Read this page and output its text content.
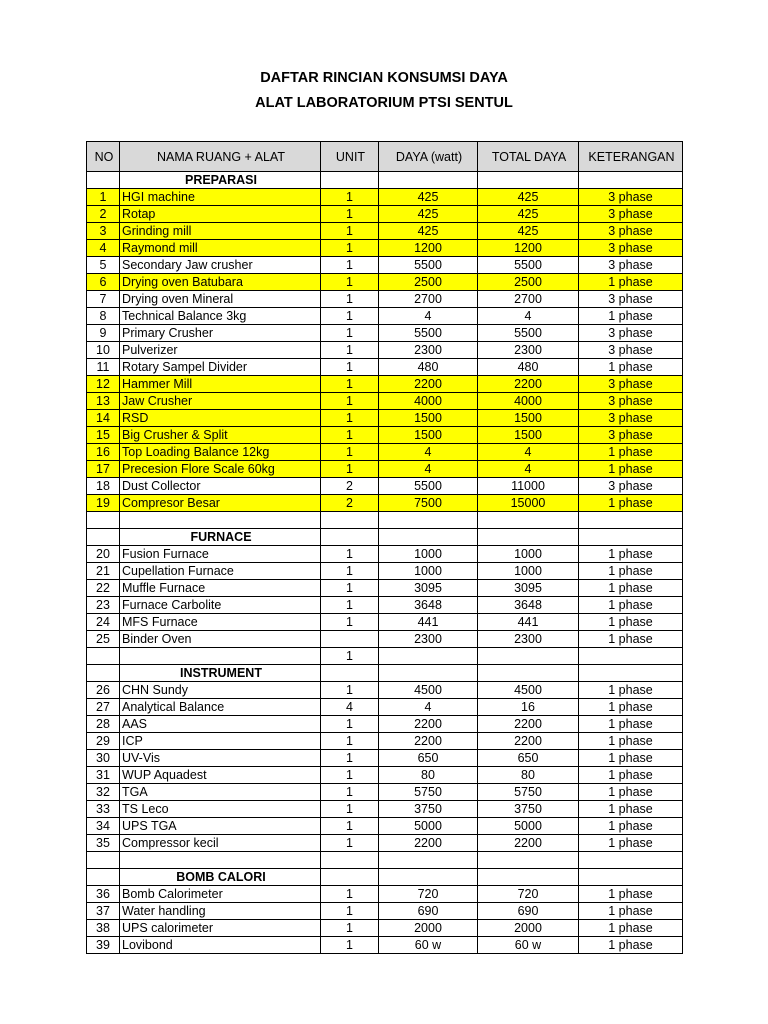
DAFTAR RINCIAN KONSUMSI DAYA
ALAT LABORATORIUM PTSI SENTUL
NO	NAMA RUANG + ALAT	UNIT	DAYA (watt)	TOTAL DAYA	KETERANGAN
	PREPARASI				
1	HGI machine	1	425	425	3 phase
2	Rotap	1	425	425	3 phase
3	Grinding mill	1	425	425	3 phase
4	Raymond mill	1	1200	1200	3 phase
5	Secondary Jaw crusher	1	5500	5500	3 phase
6	Drying oven Batubara	1	2500	2500	1 phase
7	Drying oven Mineral	1	2700	2700	3 phase
8	Technical Balance 3kg	1	4	4	1 phase
9	Primary Crusher	1	5500	5500	3 phase
10	Pulverizer	1	2300	2300	3 phase
11	Rotary Sampel Divider	1	480	480	1 phase
12	Hammer Mill	1	2200	2200	3 phase
13	Jaw Crusher	1	4000	4000	3 phase
14	RSD	1	1500	1500	3 phase
15	Big Crusher & Split	1	1500	1500	3 phase
16	Top Loading Balance 12kg	1	4	4	1 phase
17	Precesion Flore Scale 60kg	1	4	4	1 phase
18	Dust Collector	2	5500	11000	3 phase
19	Compresor Besar	2	7500	15000	1 phase

	FURNACE				
20	Fusion Furnace	1	1000	1000	1 phase
21	Cupellation Furnace	1	1000	1000	1 phase
22	Muffle Furnace	1	3095	3095	1 phase
23	Furnace Carbolite	1	3648	3648	1 phase
24	MFS Furnace	1	441	441	1 phase
25	Binder Oven		2300	2300	1 phase
		1			
	INSTRUMENT				
26	CHN Sundy	1	4500	4500	1 phase
27	Analytical Balance	4	4	16	1 phase
28	AAS	1	2200	2200	1 phase
29	ICP	1	2200	2200	1 phase
30	UV-Vis	1	650	650	1 phase
31	WUP Aquadest	1	80	80	1 phase
32	TGA	1	5750	5750	1 phase
33	TS Leco	1	3750	3750	1 phase
34	UPS TGA	1	5000	5000	1 phase
35	Compressor kecil	1	2200	2200	1 phase

	BOMB CALORI				
36	Bomb Calorimeter	1	720	720	1 phase
37	Water handling	1	690	690	1 phase
38	UPS calorimeter	1	2000	2000	1 phase
39	Lovibond	1	60 w	60 w	1 phase
